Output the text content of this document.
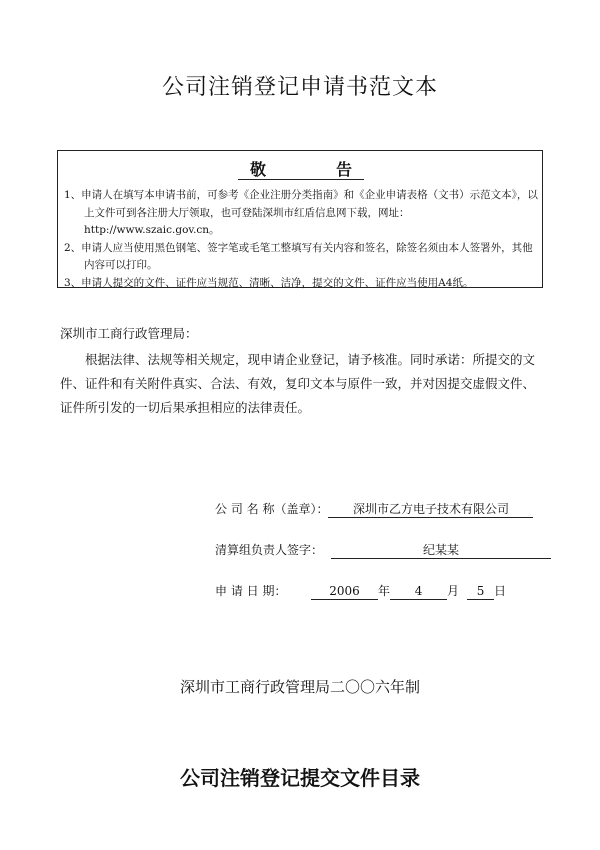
公司注销登记申请书范文本
敬	告

1、申请人在填写本申请书前，可参考《企业注册分类指南》和《企业申请表格（文书）示范文本》，以上文件可到各注册大厅领取，也可登陆深圳市红盾信息网下载，网址：http://www.szaic.gov.cn。

2、申请人应当使用黑色钢笔、签字笔或毛笔工整填写有关内容和签名，除签名须由本人签署外，其他内容可以打印。

3、申请人提交的文件、证件应当规范、清晰、洁净，提交的文件、证件应当使用A4纸。

深圳市工商行政管理局：
根据法律、法规等相关规定，现申请企业登记，请予核准。同时承诺：所提交的文件、证件和有关附件真实、合法、有效，复印文本与原件一致，并对因提交虚假文件、证件所引发的一切后果承担相应的法律责任。
公 司 名 称（盖章）： 深圳市乙方电子技术有限公司
清算组负责人签字：	纪某某
申 请 日 期：	2006 年 4 月 5 日
深圳市工商行政管理局二〇〇六年制
公司注销登记提交文件目录
